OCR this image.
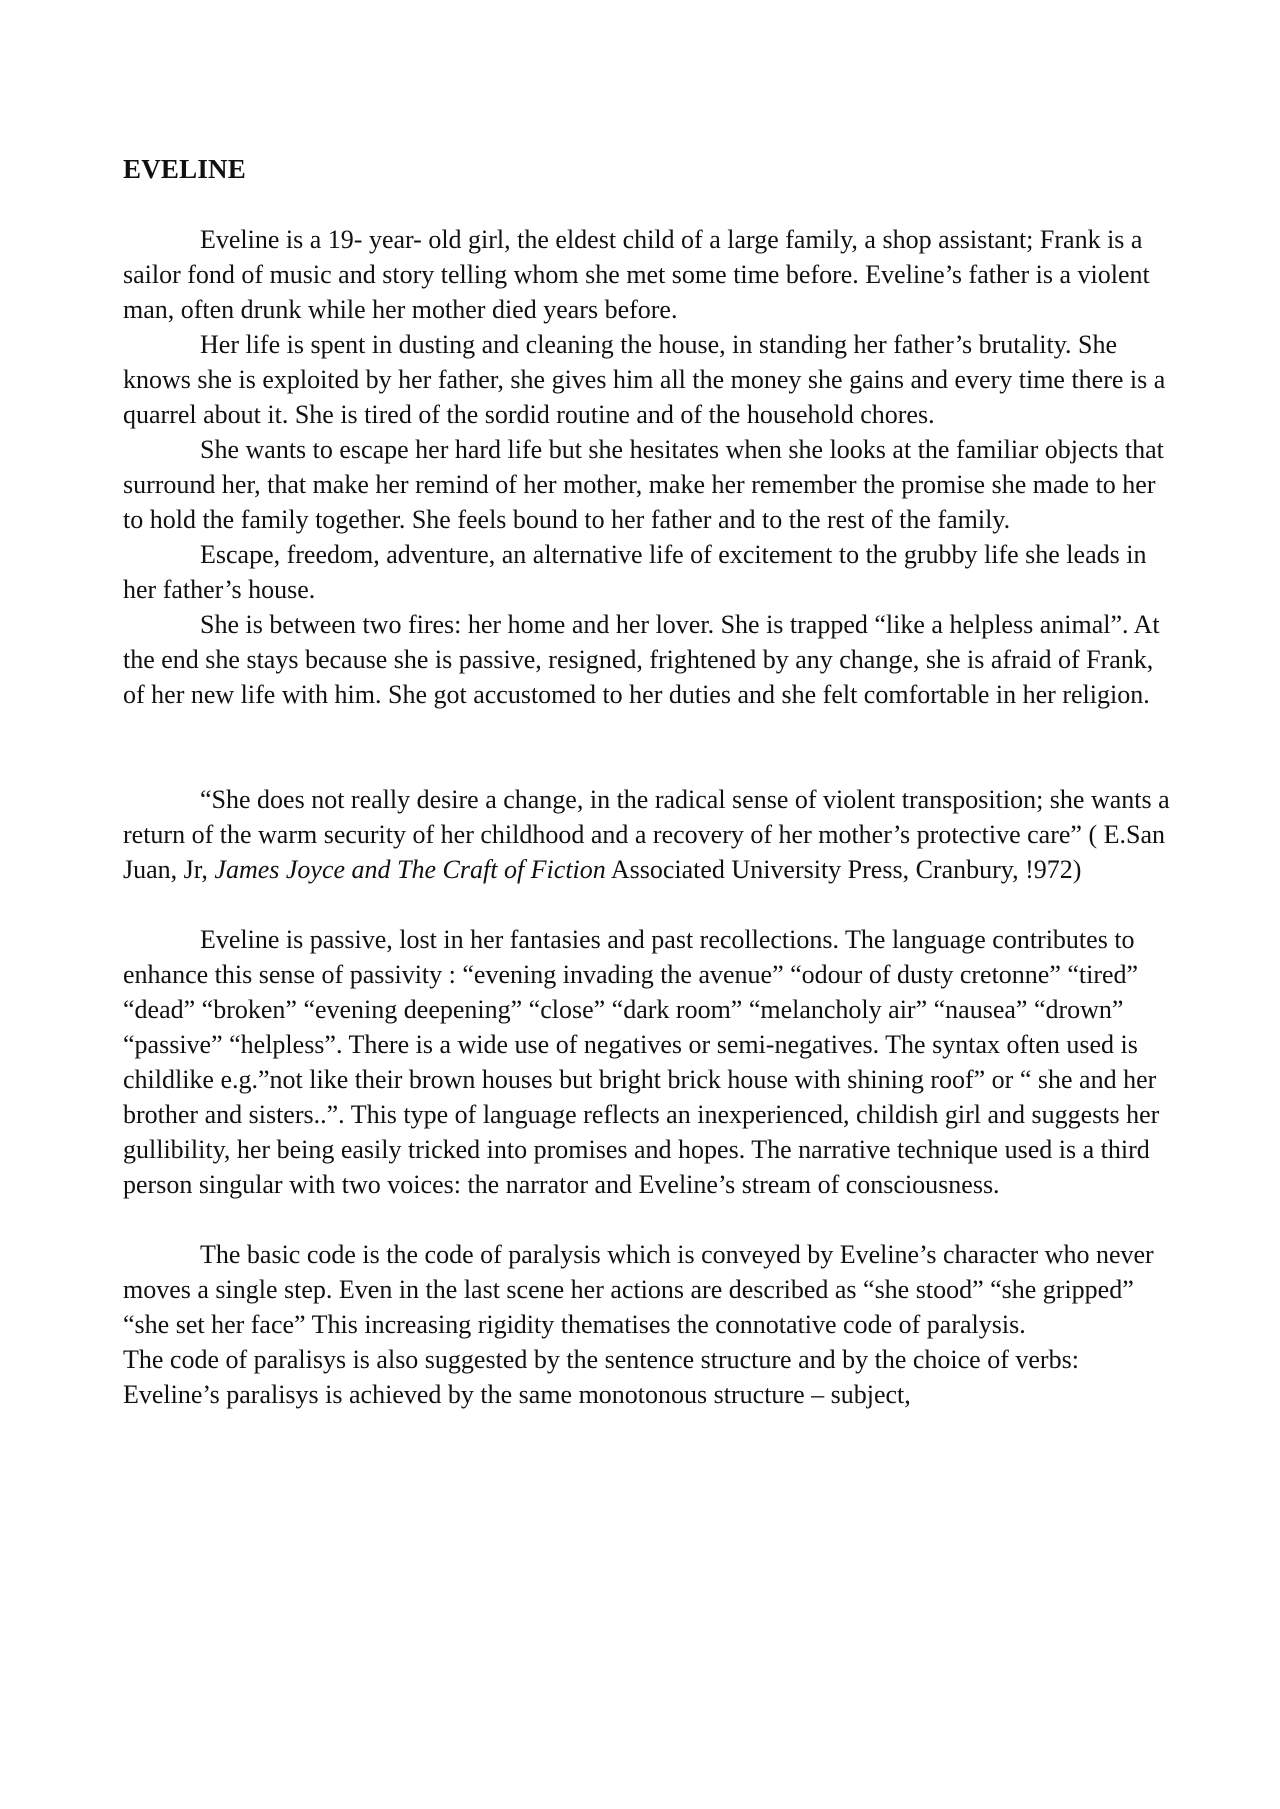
EVELINE

Eveline is a 19- year- old girl, the eldest child of a large family, a shop assistant; Frank is a sailor fond of music and story telling whom she met some time before. Eveline’s father is a violent man, often drunk while her mother died years before.

Her life is spent in dusting and cleaning the house, in standing her father’s brutality. She knows she is exploited by her father, she gives him all the money she gains and every time there is a quarrel about it. She is tired of the sordid routine and of the household chores.

She wants to escape her hard life but she hesitates when she looks at the familiar objects that surround her, that make her remind of her mother, make her remember the promise she made to her to hold the family together. She feels bound to her father and to the rest of the family.

Escape, freedom, adventure, an alternative life of excitement to the grubby life she leads in her father’s house.

She is between two fires: her home and her lover. She is trapped “like a helpless animal”. At the end she stays because she is passive, resigned, frightened by any change, she is afraid of Frank, of her new life with him. She got accustomed to her duties and she felt comfortable in her religion.

“She does not really desire a change, in the radical sense of violent transposition; she wants a return of the warm security of her childhood and a recovery of her mother’s protective care” ( E.San Juan, Jr, James Joyce and The Craft of Fiction Associated University Press, Cranbury, !972)

Eveline is passive, lost in her fantasies and past recollections. The language contributes to enhance this sense of passivity : “evening invading the avenue” “odour of dusty cretonne” “tired” “dead” “broken” “evening deepening” “close” “dark room” “melancholy air” “nausea” “drown” “passive” “helpless”. There is a wide use of negatives or semi-negatives. The syntax often used is childlike e.g.”not like their brown houses but bright brick house with shining roof” or “ she and her brother and sisters..”. This type of language reflects an inexperienced, childish girl and suggests her gullibility, her being easily tricked into promises and hopes. The narrative technique used is a third person singular with two voices: the narrator and Eveline’s stream of consciousness.

The basic code is the code of paralysis which is conveyed by Eveline’s character who never moves a single step. Even in the last scene her actions are described as “she stood” “she gripped” “she set her face” This increasing rigidity thematises the connotative code of paralysis.

The code of paralisys is also suggested by the sentence structure and by the choice of verbs: Eveline’s paralisys is achieved by the same monotonous structure – subject,
